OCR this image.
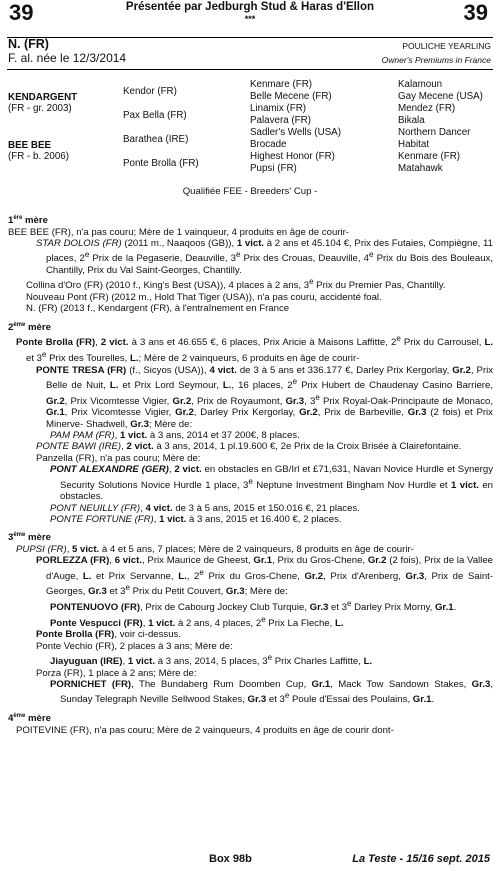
39	39
Présentée par Jedburgh Stud & Haras d'Ellon
***
N. (FR)
F. al. née le 12/3/2014
POULICHE YEARLING
Owner's Premiums in France
KENDARGENT
(FR - gr. 2003)
BEE BEE
(FR - b. 2006)
Kendor (FR)
Pax Bella (FR)
Barathea (IRE)
Ponte Brolla (FR)
Kenmare (FR)
Belle Mecene (FR)
Linamix (FR)
Palavera (FR)
Sadler's Wells (USA)
Brocade
Highest Honor (FR)
Pupsi (FR)
Kalamoun
Gay Mecene (USA)
Mendez (FR)
Bikala
Northern Dancer
Habitat
Kenmare (FR)
Matahawk
Qualifiée FEE - Breeders' Cup -

1ère mère

BEE BEE (FR), n'a pas couru; Mère de 1 vainqueur, 4 produits en âge de courir-

STAR DOLOIS (FR) (2011 m., Naaqoos (GB)), 1 vict. à 2 ans et 45.104 €, Prix des Futaies, Compiègne, 11 places, 2e Prix de la Pegaserie, Deauville, 3e Prix des Crouas, Deauville, 4e Prix du Bois des Bouleaux, Chantilly, Prix du Val Saint-Georges, Chantilly.

Collina d'Oro (FR) (2010 f., King's Best (USA)), 4 places à 2 ans, 3e Prix du Premier Pas, Chantilly.

Nouveau Pont (FR) (2012 m., Hold That Tiger (USA)), n'a pas couru, accidenté foal.

N. (FR) (2013 f., Kendargent (FR), à l'entraînement en France

2ème mère

Ponte Brolla (FR), 2 vict. à 3 ans et 46.655 €, 6 places, Prix Aricie à Maisons Laffitte, 2e Prix du Carrousel, L. et 3e Prix des Tourelles, L.; Mère de 2 vainqueurs, 6 produits en âge de courir-

PONTE TRESA (FR) (f., Sicyos (USA)), 4 vict. de 3 à 5 ans et 336.177 €, Darley Prix Kergorlay, Gr.2, Prix Belle de Nuit, L. et Prix Lord Seymour, L., 16 places, 2e Prix Hubert de Chaudenay Casino Barriere, Gr.2, Prix Vicomtesse Vigier, Gr.2, Prix de Royaumont, Gr.3, 3e Prix Royal-Oak-Principaute de Monaco, Gr.1, Prix Vicomtesse Vigier, Gr.2, Darley Prix Kergorlay, Gr.2, Prix de Barbeville, Gr.3 (2 fois) et Prix Minerve- Shadwell, Gr.3; Mère de:

PAM PAM (FR), 1 vict. à 3 ans, 2014 et 37 200€, 8 places.

PONTE BAWI (IRE), 2 vict. à 3 ans, 2014, 1 pl.19.600 €, 2e Prix de la Croix Brisée à Clairefontaine.

Panzella (FR), n'a pas couru; Mère de:

PONT ALEXANDRE (GER), 2 vict. en obstacles en GB/Irl et £71,631, Navan Novice Hurdle et Synergy Security Solutions Novice Hurdle 1 place, 3e Neptune Investment Bingham Nov Hurdle et 1 vict. en obstacles.

PONT NEUILLY (FR), 4 vict. de 3 à 5 ans, 2015 et 150.016 €, 21 places.

PONTE FORTUNE (FR), 1 vict. à 3 ans, 2015 et 16.400 €, 2 places.

3ème mère

PUPSI (FR), 5 vict. à 4 et 5 ans, 7 places; Mère de 2 vainqueurs, 8 produits en âge de courir-

PORLEZZA (FR), 6 vict., Prix Maurice de Gheest, Gr.1, Prix du Gros-Chene, Gr.2 (2 fois), Prix de la Vallee d'Auge, L. et Prix Servanne, L., 2e Prix du Gros-Chene, Gr.2, Prix d'Arenberg, Gr.3, Prix de Saint-Georges, Gr.3 et 3e Prix du Petit Couvert, Gr.3; Mère de:

PONTENUOVO (FR), Prix de Cabourg Jockey Club Turquie, Gr.3 et 3e Darley Prix Morny, Gr.1.

Ponte Vespucci (FR), 1 vict. à 2 ans, 4 places, 2e Prix La Fleche, L.

Ponte Brolla (FR), voir ci-dessus.

Ponte Vechio (FR), 2 places à 3 ans; Mère de:

Jiayuguan (IRE), 1 vict. à 3 ans, 2014, 5 places, 3e Prix Charles Laffitte, L.

Porza (FR), 1 place à 2 ans; Mère de:

PORNICHET (FR), The Bundaberg Rum Doomben Cup, Gr.1, Mack Tow Sandown Stakes, Gr.3, Sunday Telegraph Neville Sellwood Stakes, Gr.3 et 3e Poule d'Essai des Poulains, Gr.1.

4ème mère

POITEVINE (FR), n'a pas couru; Mère de 2 vainqueurs, 4 produits en âge de courir dont-

Box 98b	La Teste - 15/16 sept. 2015
